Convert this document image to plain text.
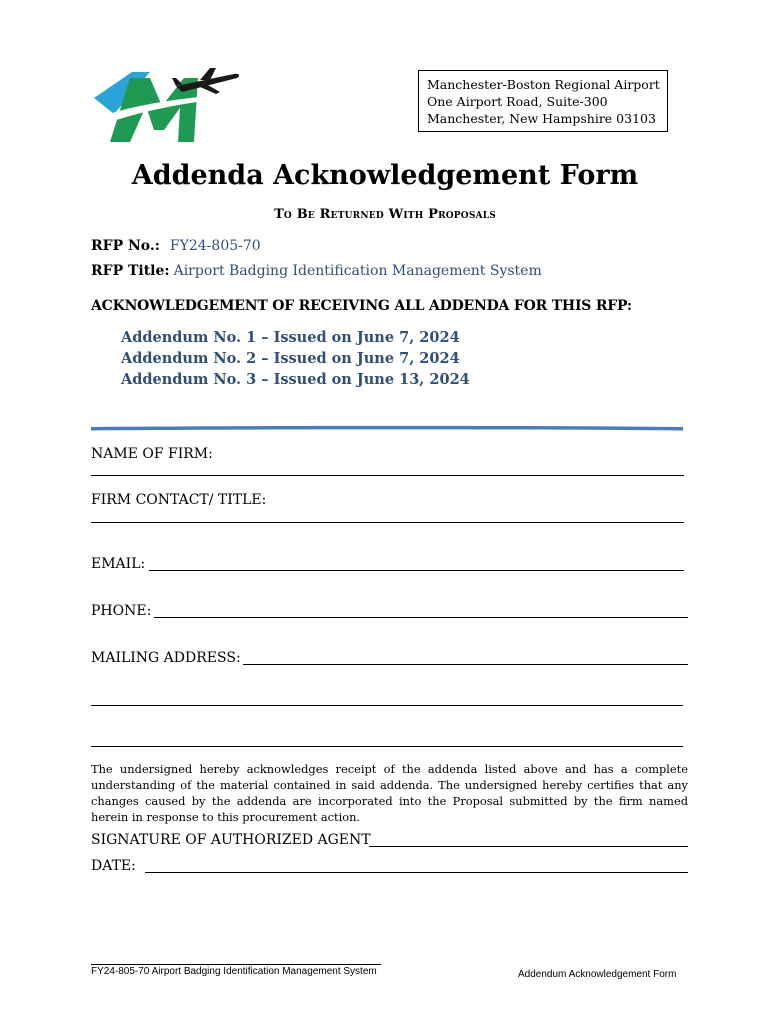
Manchester-Boston Regional Airport
One Airport Road, Suite-300
Manchester, New Hampshire 03103
Addenda Acknowledgement Form
To Be Returned With Proposals
RFP No.: FY24-805-70
RFP Title: Airport Badging Identification Management System
ACKNOWLEDGEMENT OF RECEIVING ALL ADDENDA FOR THIS RFP:
Addendum No. 1 – Issued on June 7, 2024
Addendum No. 2 – Issued on June 7, 2024
Addendum No. 3 – Issued on June 13, 2024
NAME OF FIRM:
FIRM CONTACT/ TITLE:
EMAIL:
PHONE:
MAILING ADDRESS:
The undersigned hereby acknowledges receipt of the addenda listed above and has a complete understanding of the material contained in said addenda. The undersigned hereby certifies that any changes caused by the addenda are incorporated into the Proposal submitted by the firm named herein in response to this procurement action.
SIGNATURE OF AUTHORIZED AGENT
DATE:
FY24-805-70 Airport Badging Identification Management System	Addendum Acknowledgement Form
